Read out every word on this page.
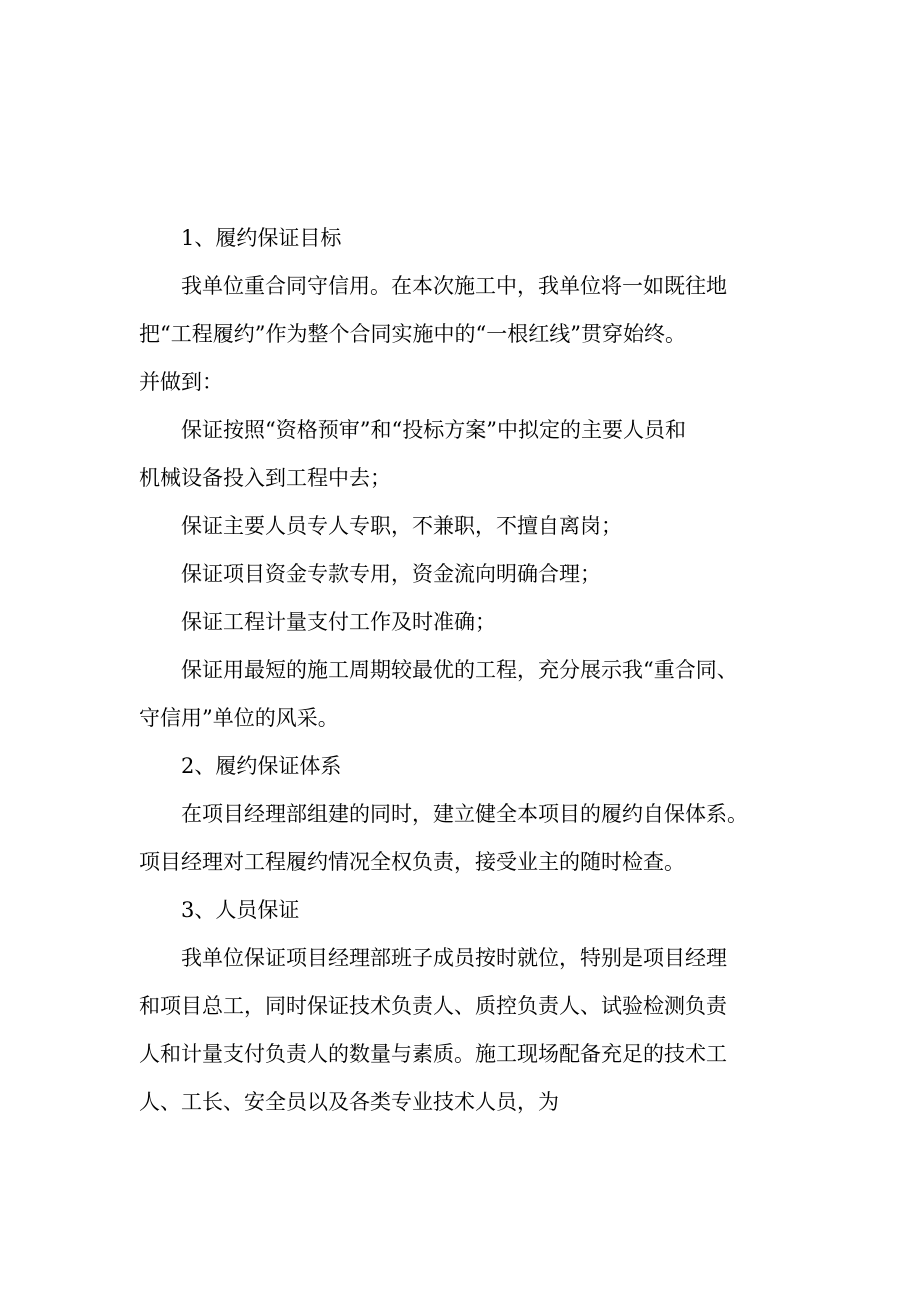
1、履约保证目标
我单位重合同守信用。在本次施工中，我单位将一如既往地
把“工程履约”作为整个合同实施中的“一根红线”贯穿始终。
并做到：
保证按照“资格预审”和“投标方案”中拟定的主要人员和
机械设备投入到工程中去；
保证主要人员专人专职，不兼职，不擅自离岗；
保证项目资金专款专用，资金流向明确合理；
保证工程计量支付工作及时准确；
保证用最短的施工周期较最优的工程，充分展示我“重合同、
守信用”单位的风采。
2、履约保证体系
在项目经理部组建的同时，建立健全本项目的履约自保体系。
项目经理对工程履约情况全权负责，接受业主的随时检查。
3、人员保证
我单位保证项目经理部班子成员按时就位，特别是项目经理
和项目总工，同时保证技术负责人、质控负责人、试验检测负责
人和计量支付负责人的数量与素质。施工现场配备充足的技术工
人、工长、安全员以及各类专业技术人员，为
